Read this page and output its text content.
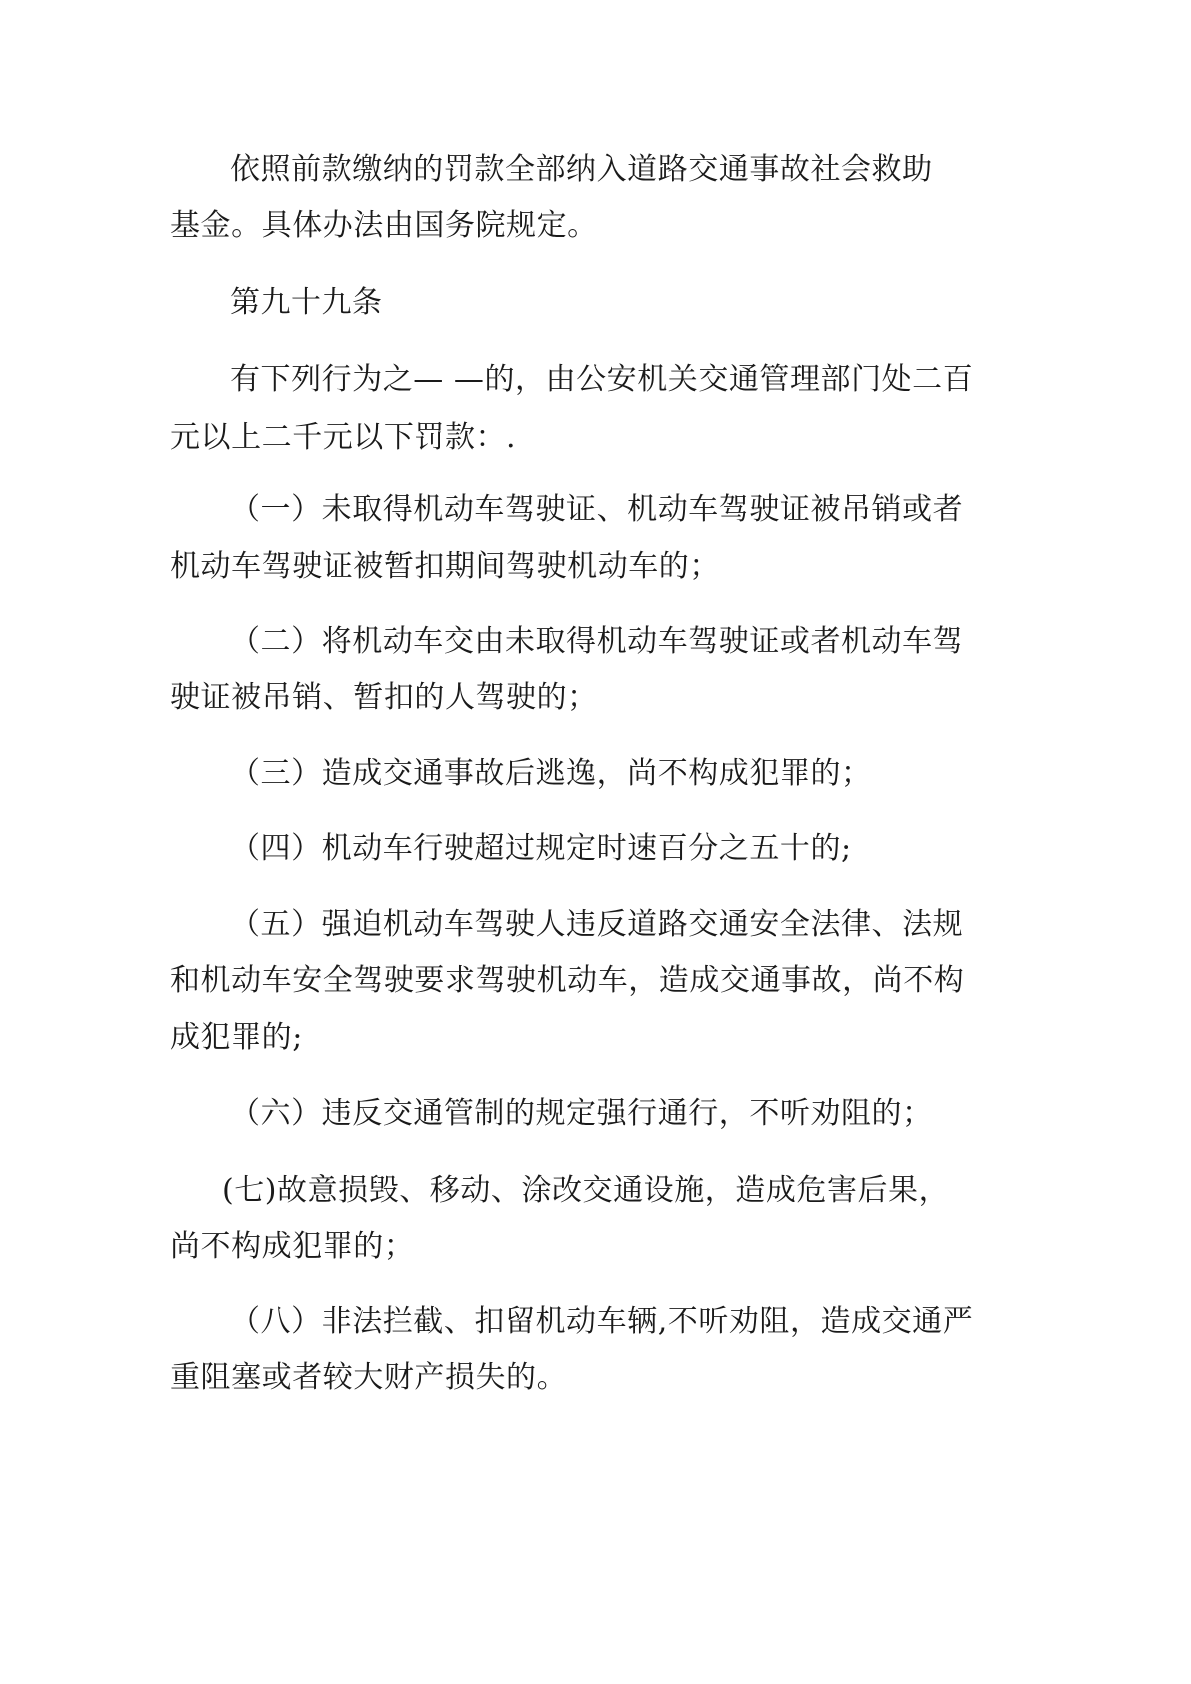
依照前款缴纳的罚款全部纳入道路交通事故社会救助
基金。具体办法由国务院规定。
第九十九条
有下列行为之— —的，由公安机关交通管理部门处二百
元以上二千元以下罚款：.
（一）未取得机动车驾驶证、机动车驾驶证被吊销或者
机动车驾驶证被暂扣期间驾驶机动车的；
（二）将机动车交由未取得机动车驾驶证或者机动车驾
驶证被吊销、暂扣的人驾驶的；
（三）造成交通事故后逃逸，尚不构成犯罪的；
（四）机动车行驶超过规定时速百分之五十的;
（五）强迫机动车驾驶人违反道路交通安全法律、法规
和机动车安全驾驶要求驾驶机动车，造成交通事故，尚不构
成犯罪的;
（六）违反交通管制的规定强行通行，不听劝阻的；
(七)故意损毁、移动、涂改交通设施，造成危害后果，
尚不构成犯罪的；
（八）非法拦截、扣留机动车辆,不听劝阻，造成交通严
重阻塞或者较大财产损失的。
